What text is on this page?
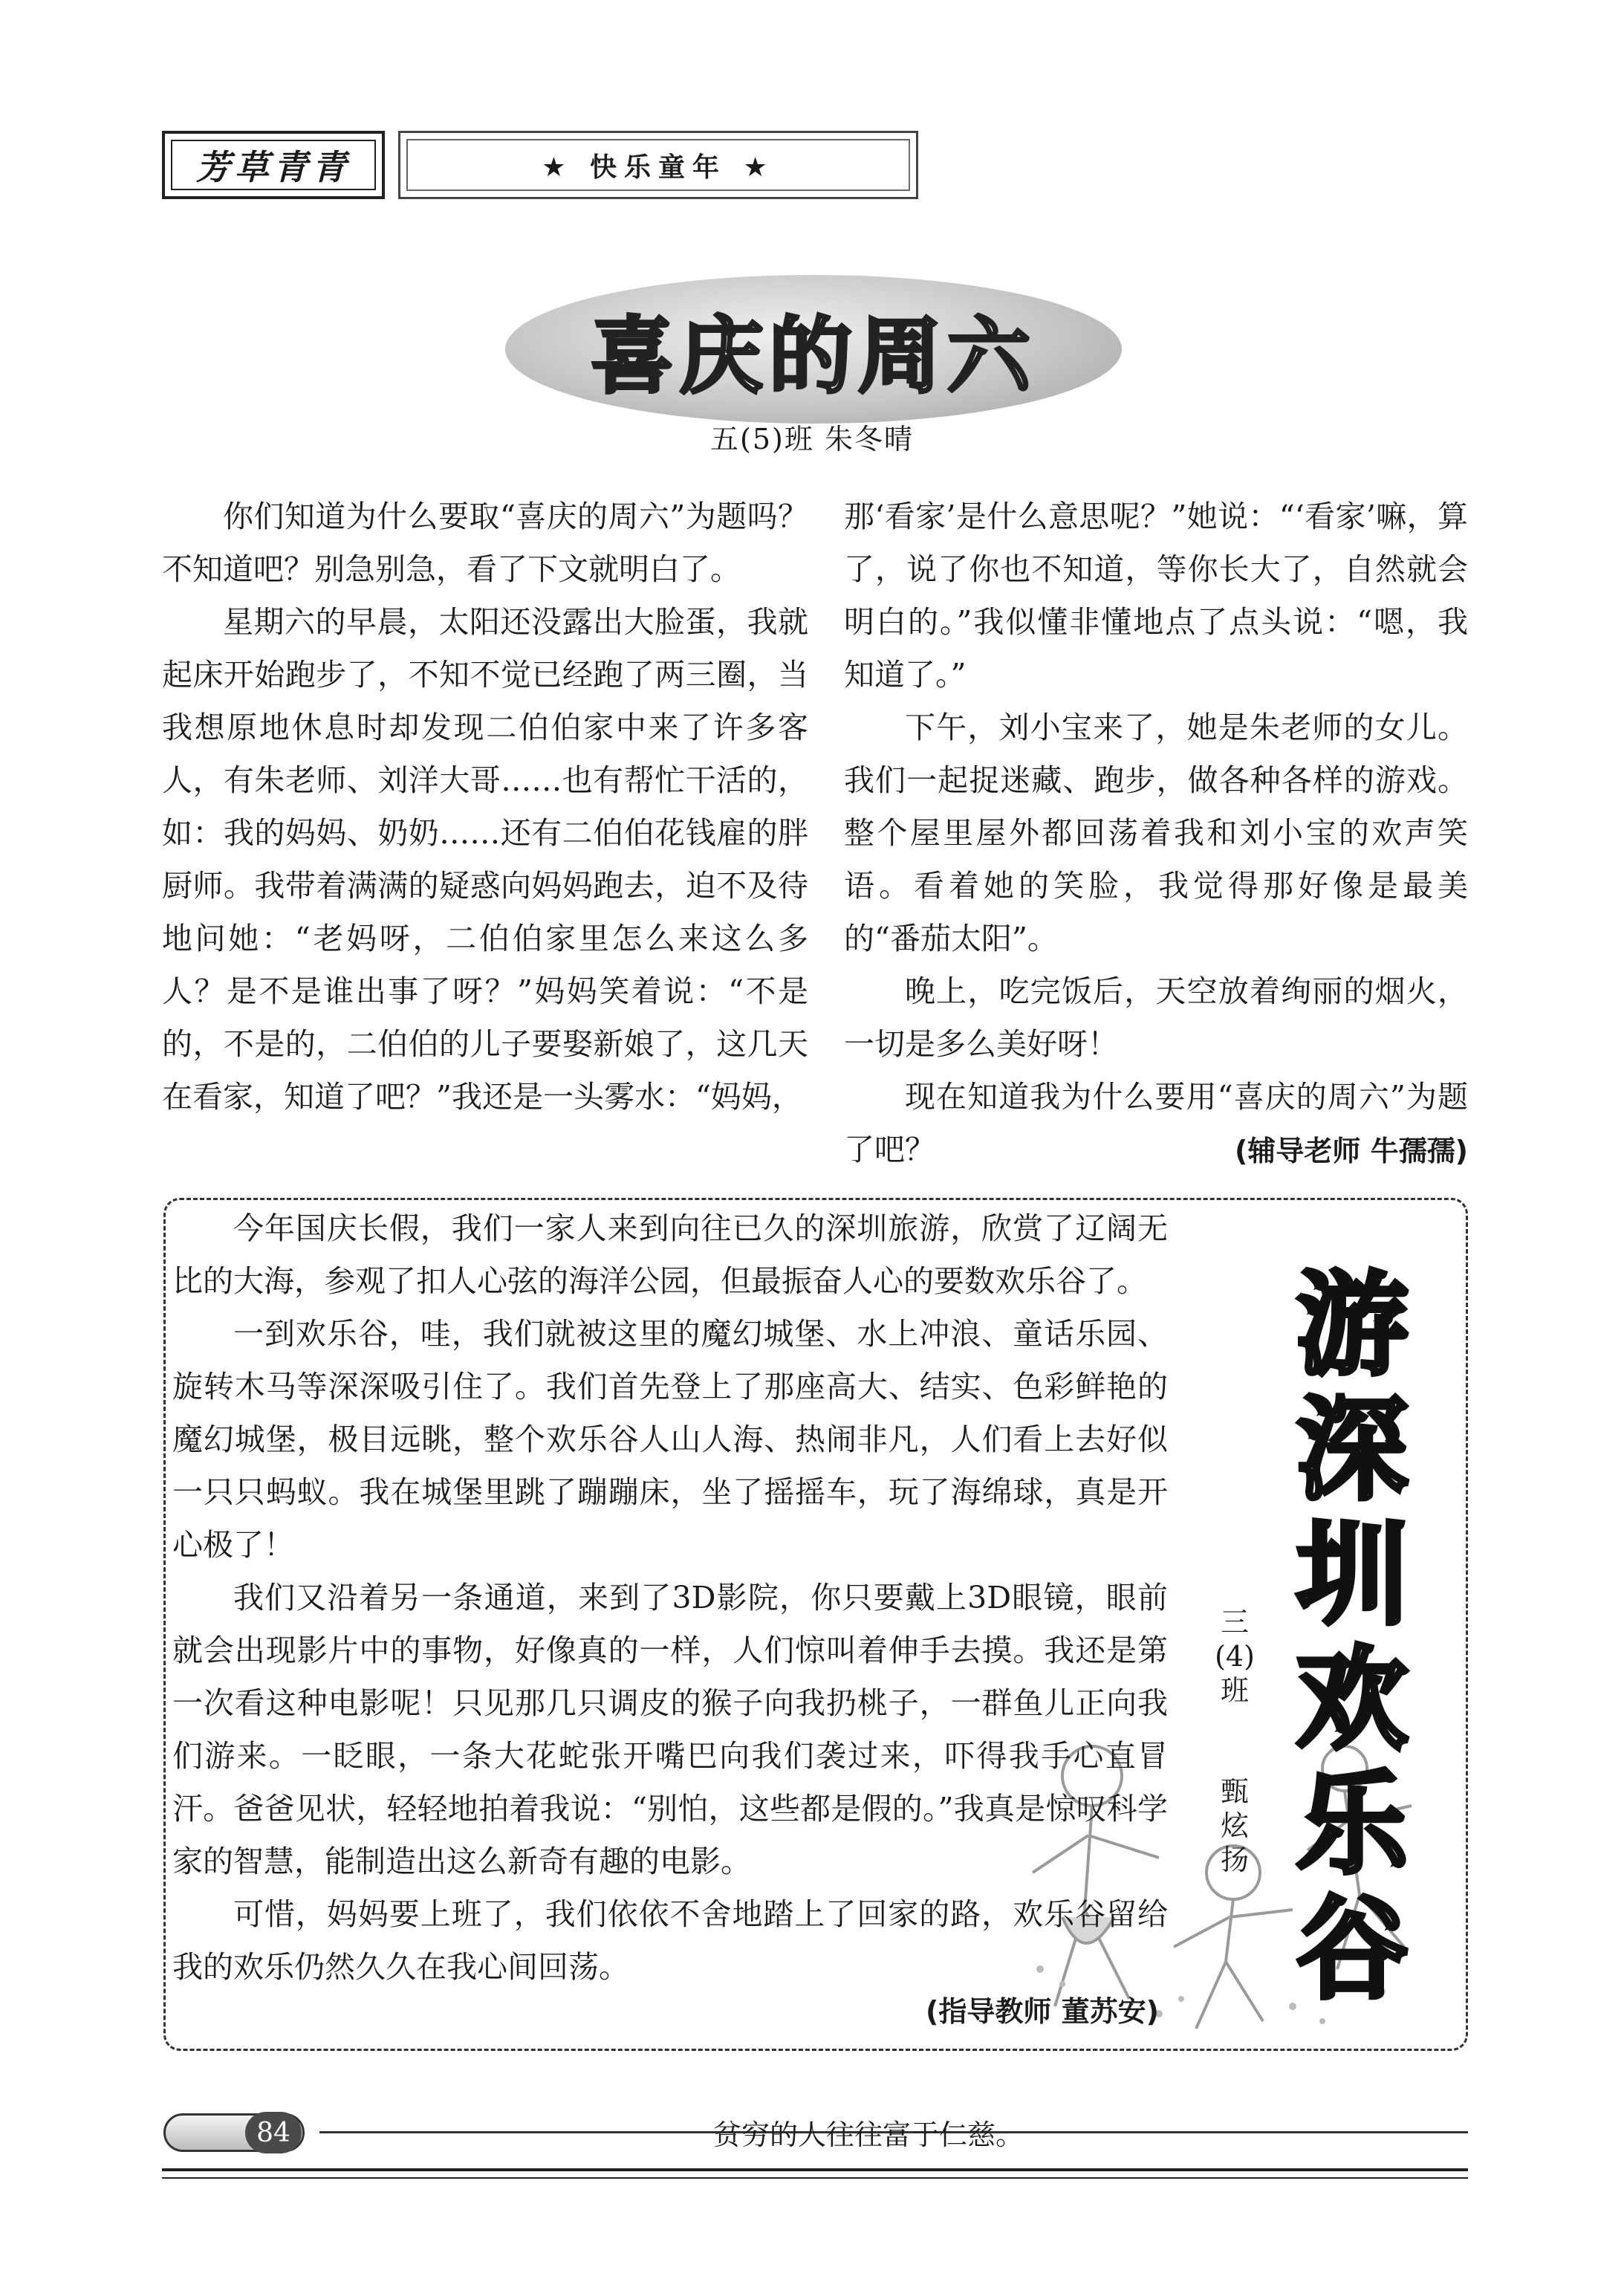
芳草青青	★ 快乐童年 ★
喜庆的周六
五(5)班 朱冬晴

你们知道为什么要取“喜庆的周六”为题吗？不知道吧？别急别急，看了下文就明白了。

星期六的早晨，太阳还没露出大脸蛋，我就起床开始跑步了，不知不觉已经跑了两三圈，当我想原地休息时却发现二伯伯家中来了许多客人，有朱老师、刘洋大哥……也有帮忙干活的，如：我的妈妈、奶奶……还有二伯伯花钱雇的胖厨师。我带着满满的疑惑向妈妈跑去，迫不及待地问她：“老妈呀，二伯伯家里怎么来这么多人？是不是谁出事了呀？”妈妈笑着说：“不是的，不是的，二伯伯的儿子要娶新娘了，这几天在看家，知道了吧？”我还是一头雾水：“妈妈，

那‘看家’是什么意思呢？”她说：“‘看家’嘛，算了，说了你也不知道，等你长大了，自然就会明白的。”我似懂非懂地点了点头说：“嗯，我知道了。”

下午，刘小宝来了，她是朱老师的女儿。我们一起捉迷藏、跑步，做各种各样的游戏。整个屋里屋外都回荡着我和刘小宝的欢声笑语。看着她的笑脸，我觉得那好像是最美的“番茄太阳”。

晚上，吃完饭后，天空放着绚丽的烟火，一切是多么美好呀！

现在知道我为什么要用“喜庆的周六”为题了吧？	(辅导老师 牛孺孺)

今年国庆长假，我们一家人来到向往已久的深圳旅游，欣赏了辽阔无比的大海，参观了扣人心弦的海洋公园，但最振奋人心的要数欢乐谷了。

一到欢乐谷，哇，我们就被这里的魔幻城堡、水上冲浪、童话乐园、旋转木马等深深吸引住了。我们首先登上了那座高大、结实、色彩鲜艳的魔幻城堡，极目远眺，整个欢乐谷人山人海、热闹非凡，人们看上去好似一只只蚂蚁。我在城堡里跳了蹦蹦床，坐了摇摇车，玩了海绵球，真是开心极了！

我们又沿着另一条通道，来到了3D影院，你只要戴上3D眼镜，眼前就会出现影片中的事物，好像真的一样，人们惊叫着伸手去摸。我还是第一次看这种电影呢！只见那几只调皮的猴子向我扔桃子，一群鱼儿正向我们游来。一眨眼，一条大花蛇张开嘴巴向我们袭过来，吓得我手心直冒汗。爸爸见状，轻轻地拍着我说：“别怕，这些都是假的。”我真是惊叹科学家的智慧，能制造出这么新奇有趣的电影。

可惜，妈妈要上班了，我们依依不舍地踏上了回家的路，欢乐谷留给我的欢乐仍然久久在我心间回荡。

(指导教师 董苏安)
游深圳欢乐谷
三(4)班
甄炫扬
84	贫穷的人往往富于仁慈。
